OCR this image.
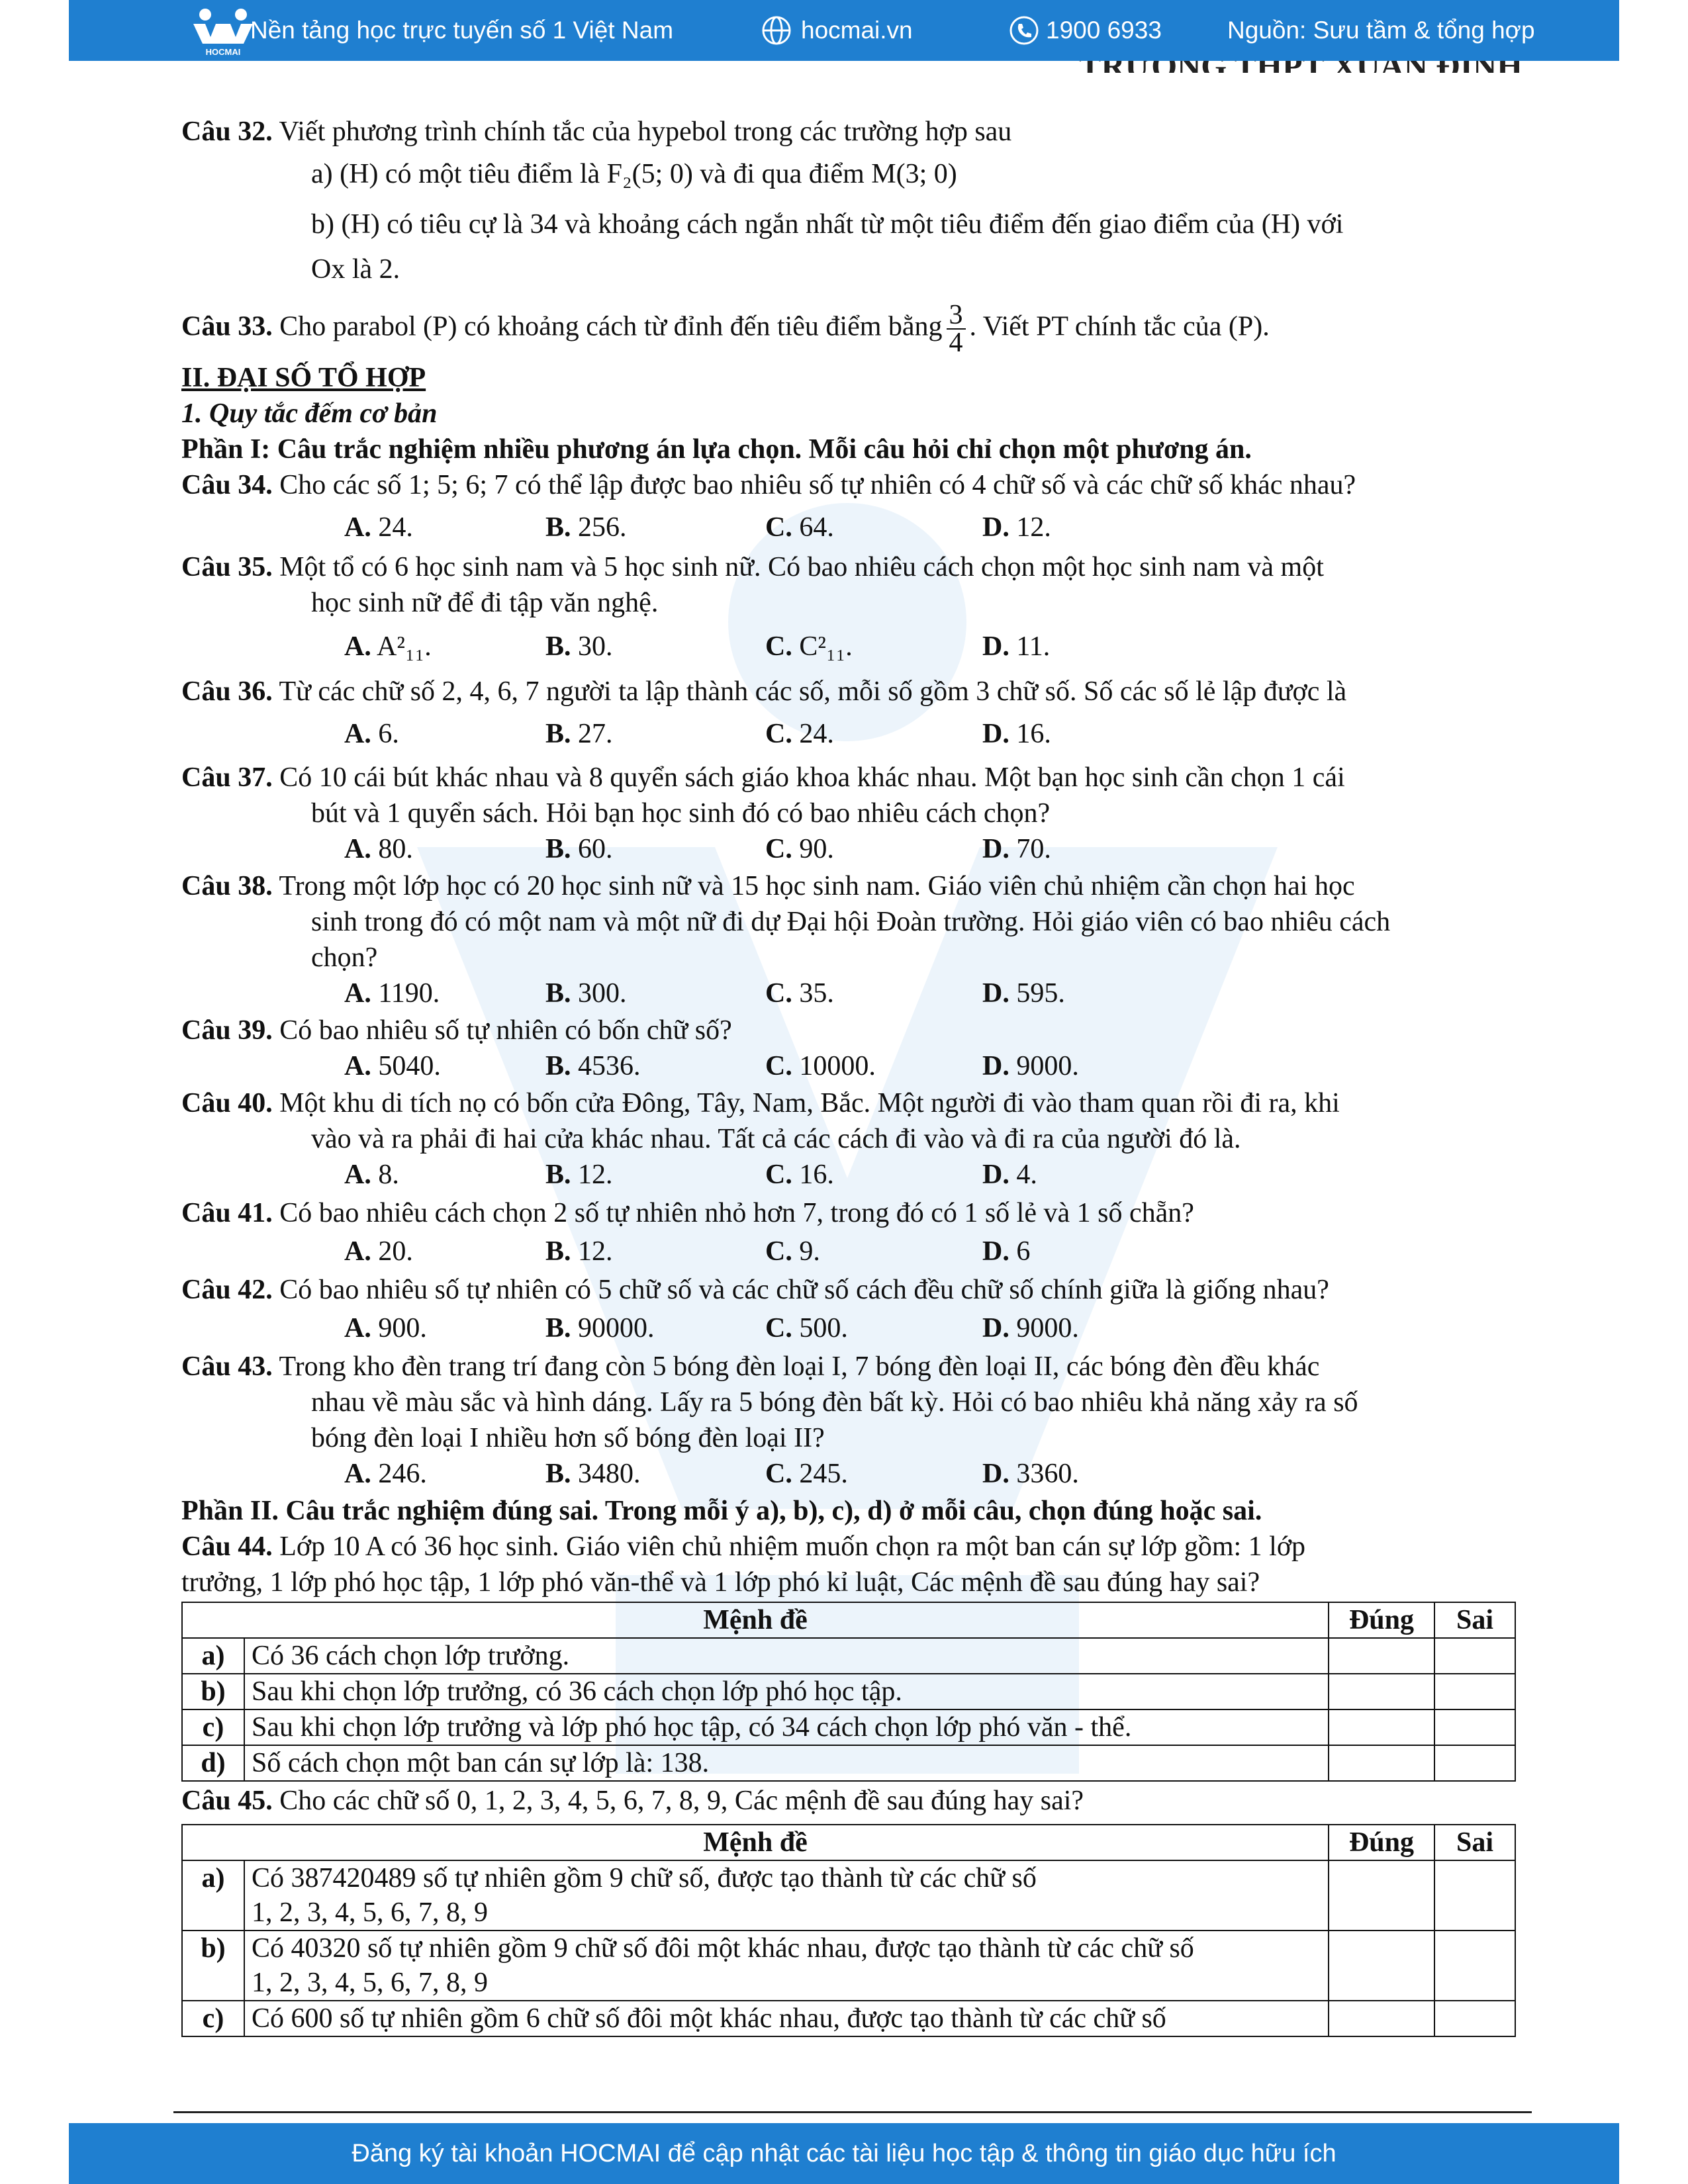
HOCMAI
Nền tảng học trực tuyến số 1 Việt Nam	hocmai.vn	1900 6933	Nguồn: Sưu tầm & tổng hợp
Câu 32. Viết phương trình chính tắc của hypebol trong các trường hợp sau
a) (H) có một tiêu điểm là F₂(5; 0) và đi qua điểm M(3; 0)
b) (H) có tiêu cự là 34 và khoảng cách ngắn nhất từ một tiêu điểm đến giao điểm của (H) với
Ox là 2.
Câu 33. Cho parabol (P) có khoảng cách từ đỉnh đến tiêu điểm bằng $\frac{3}{4}$ . Viết PT chính tắc của (P).
II. ĐẠI SỐ TỔ HỢP
1. Quy tắc đếm cơ bản
Phần I: Câu trắc nghiệm nhiều phương án lựa chọn. Mỗi câu hỏi chỉ chọn một phương án.
Câu 34. Cho các số 1; 5; 6; 7 có thể lập được bao nhiêu số tự nhiên có 4 chữ số và các chữ số khác nhau?
A. 24.	B. 256.	C. 64.	D. 12.
Câu 35. Một tổ có 6 học sinh nam và 5 học sinh nữ. Có bao nhiêu cách chọn một học sinh nam và một
học sinh nữ để đi tập văn nghệ.
A. A²₁₁.	B. 30.	C. C²₁₁.	D. 11.
Câu 36. Từ các chữ số 2, 4, 6, 7 người ta lập thành các số, mỗi số gồm 3 chữ số. Số các số lẻ lập được là
A. 6.	B. 27.	C. 24.	D. 16.
Câu 37. Có 10 cái bút khác nhau và 8 quyển sách giáo khoa khác nhau. Một bạn học sinh cần chọn 1 cái
bút và 1 quyển sách. Hỏi bạn học sinh đó có bao nhiêu cách chọn?
A. 80.	B. 60.	C. 90.	D. 70.
Câu 38. Trong một lớp học có 20 học sinh nữ và 15 học sinh nam. Giáo viên chủ nhiệm cần chọn hai học
sinh trong đó có một nam và một nữ đi dự Đại hội Đoàn trường. Hỏi giáo viên có bao nhiêu cách
chọn?
A. 1190.	B. 300.	C. 35.	D. 595.
Câu 39. Có bao nhiêu số tự nhiên có bốn chữ số?
A. 5040.	B. 4536.	C. 10000.	D. 9000.
Câu 40. Một khu di tích nọ có bốn cửa Đông, Tây, Nam, Bắc. Một người đi vào tham quan rồi đi ra, khi
vào và ra phải đi hai cửa khác nhau. Tất cả các cách đi vào và đi ra của người đó là.
A. 8.	B. 12.	C. 16.	D. 4.
Câu 41. Có bao nhiêu cách chọn 2 số tự nhiên nhỏ hơn 7, trong đó có 1 số lẻ và 1 số chẵn?
A. 20.	B. 12.	C. 9.	D. 6
Câu 42. Có bao nhiêu số tự nhiên có 5 chữ số và các chữ số cách đều chữ số chính giữa là giống nhau?
A. 900.	B. 90000.	C. 500.	D. 9000.
Câu 43. Trong kho đèn trang trí đang còn 5 bóng đèn loại I, 7 bóng đèn loại II, các bóng đèn đều khác
nhau về màu sắc và hình dáng. Lấy ra 5 bóng đèn bất kỳ. Hỏi có bao nhiêu khả năng xảy ra số
bóng đèn loại I nhiều hơn số bóng đèn loại II?
A. 246.	B. 3480.	C. 245.	D. 3360.
Phần II. Câu trắc nghiệm đúng sai. Trong mỗi ý a), b), c), d) ở mỗi câu, chọn đúng hoặc sai.
Câu 44. Lớp 10 A có 36 học sinh. Giáo viên chủ nhiệm muốn chọn ra một ban cán sự lớp gồm: 1 lớp
trưởng, 1 lớp phó học tập, 1 lớp phó văn-thể và 1 lớp phó kỉ luật, Các mệnh đề sau đúng hay sai?
Mệnh đề		Đúng	Sai
a)	Có 36 cách chọn lớp trưởng.		
b)	Sau khi chọn lớp trưởng, có 36 cách chọn lớp phó học tập.		
c)	Sau khi chọn lớp trưởng và lớp phó học tập, có 34 cách chọn lớp phó văn - thể.		
d)	Số cách chọn một ban cán sự lớp là: 138.		
Câu 45. Cho các chữ số 0, 1, 2, 3, 4, 5, 6, 7, 8, 9, Các mệnh đề sau đúng hay sai?
Mệnh đề		Đúng	Sai
a)	Có 387420489 số tự nhiên gồm 9 chữ số, được tạo thành từ các chữ số
1, 2, 3, 4, 5, 6, 7, 8, 9		

b)	Có 40320 số tự nhiên gồm 9 chữ số đôi một khác nhau, được tạo thành từ các chữ số
1, 2, 3, 4, 5, 6, 7, 8, 9		

c)	Có 600 số tự nhiên gồm 6 chữ số đôi một khác nhau, được tạo thành từ các chữ số		
Đăng ký tài khoản HOCMAI để cập nhật các tài liệu học tập & thông tin giáo dục hữu ích
